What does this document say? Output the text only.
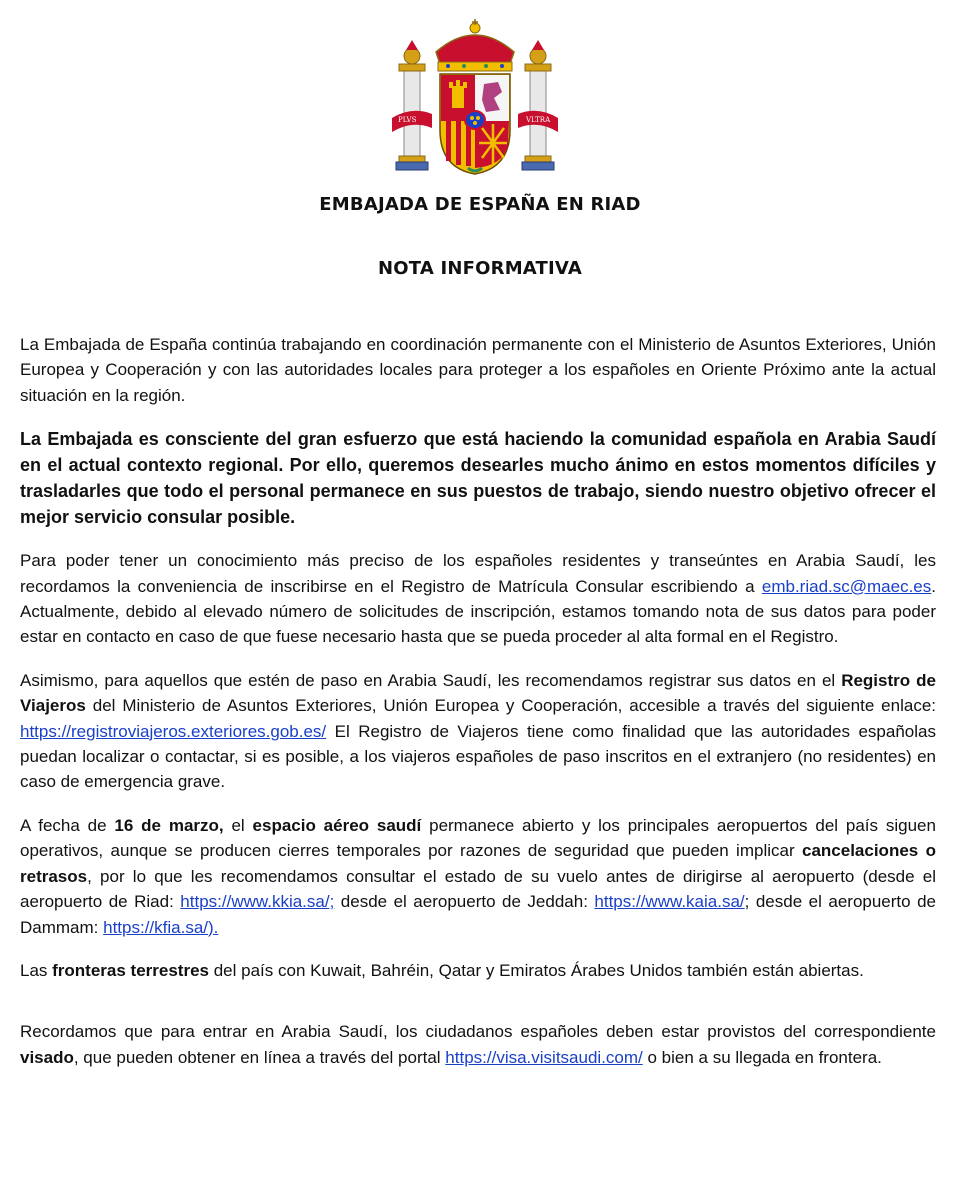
PLVS	VLTRA
EMBAJADA DE ESPAÑA EN RIAD
NOTA INFORMATIVA

La Embajada de España continúa trabajando en coordinación permanente con el Ministerio de Asuntos Exteriores, Unión Europea y Cooperación y con las autoridades locales para proteger a los españoles en Oriente Próximo ante la actual situación en la región.

La Embajada es consciente del gran esfuerzo que está haciendo la comunidad española en Arabia Saudí en el actual contexto regional. Por ello, queremos desearles mucho ánimo en estos momentos difíciles y trasladarles que todo el personal permanece en sus puestos de trabajo, siendo nuestro objetivo ofrecer el mejor servicio consular posible.

Para poder tener un conocimiento más preciso de los españoles residentes y transeúntes en Arabia Saudí, les recordamos la conveniencia de inscribirse en el Registro de Matrícula Consular escribiendo a emb.riad.sc@maec.es. Actualmente, debido al elevado número de solicitudes de inscripción, estamos tomando nota de sus datos para poder estar en contacto en caso de que fuese necesario hasta que se pueda proceder al alta formal en el Registro.

Asimismo, para aquellos que estén de paso en Arabia Saudí, les recomendamos registrar sus datos en el Registro de Viajeros del Ministerio de Asuntos Exteriores, Unión Europea y Cooperación, accesible a través del siguiente enlace: https://registroviajeros.exteriores.gob.es/ El Registro de Viajeros tiene como finalidad que las autoridades españolas puedan localizar o contactar, si es posible, a los viajeros españoles de paso inscritos en el extranjero (no residentes) en caso de emergencia grave.

A fecha de 16 de marzo, el espacio aéreo saudí permanece abierto y los principales aeropuertos del país siguen operativos, aunque se producen cierres temporales por razones de seguridad que pueden implicar cancelaciones o retrasos, por lo que les recomendamos consultar el estado de su vuelo antes de dirigirse al aeropuerto (desde el aeropuerto de Riad: https://www.kkia.sa/; desde el aeropuerto de Jeddah: https://www.kaia.sa/; desde el aeropuerto de Dammam: https://kfia.sa/).

Las fronteras terrestres del país con Kuwait, Bahréin, Qatar y Emiratos Árabes Unidos también están abiertas.

Recordamos que para entrar en Arabia Saudí, los ciudadanos españoles deben estar provistos del correspondiente visado, que pueden obtener en línea a través del portal https://visa.visitsaudi.com/ o bien a su llegada en frontera.
